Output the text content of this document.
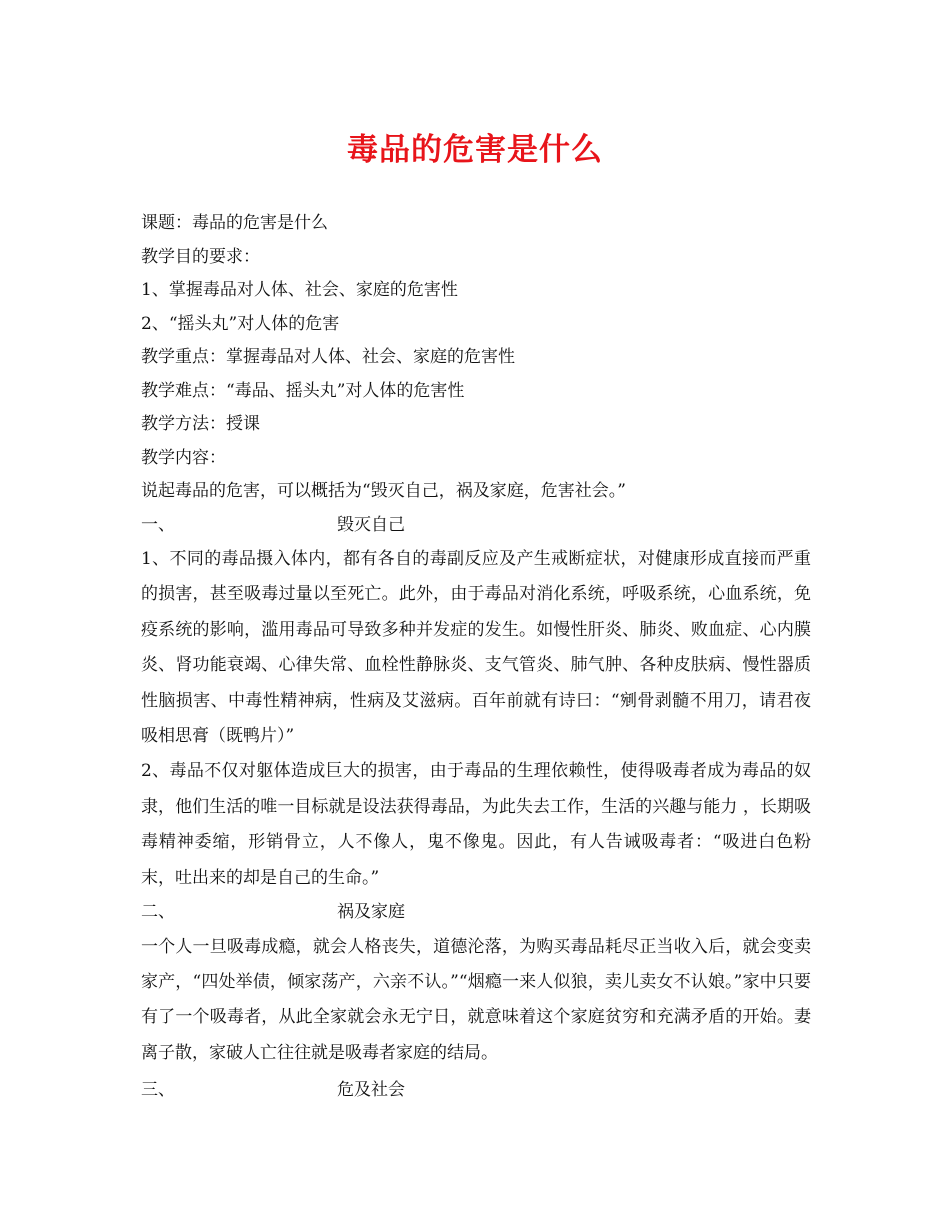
毒品的危害是什么
课题：毒品的危害是什么
教学目的要求：
1、掌握毒品对人体、社会、家庭的危害性
2、“摇头丸”对人体的危害
教学重点：掌握毒品对人体、社会、家庭的危害性
教学难点：“毒品、摇头丸”对人体的危害性
教学方法：授课
教学内容：
说起毒品的危害，可以概括为“毁灭自己，祸及家庭，危害社会。”
一、	毁灭自己
1、不同的毒品摄入体内，都有各自的毒副反应及产生戒断症状，对健康形成直接而严重的损害，甚至吸毒过量以至死亡。此外，由于毒品对消化系统，呼吸系统，心血系统，免疫系统的影响，滥用毒品可导致多种并发症的发生。如慢性肝炎、肺炎、败血症、心内膜炎、肾功能衰竭、心律失常、血栓性静脉炎、支气管炎、肺气肿、各种皮肤病、慢性器质性脑损害、中毒性精神病，性病及艾滋病。百年前就有诗曰：“剜骨剥髓不用刀，请君夜吸相思膏（既鸭片）”
2、毒品不仅对躯体造成巨大的损害，由于毒品的生理依赖性，使得吸毒者成为毒品的奴隶，他们生活的唯一目标就是设法获得毒品，为此失去工作，生活的兴趣与能力 ，长期吸毒精神委缩，形销骨立，人不像人，鬼不像鬼。因此，有人告诫吸毒者：“吸进白色粉末，吐出来的却是自己的生命。”
二、	祸及家庭
一个人一旦吸毒成瘾，就会人格丧失，道德沦落，为购买毒品耗尽正当收入后，就会变卖家产，“四处举债，倾家荡产，六亲不认。”“烟瘾一来人似狼，卖儿卖女不认娘。”家中只要有了一个吸毒者，从此全家就会永无宁日，就意味着这个家庭贫穷和充满矛盾的开始。妻离子散，家破人亡往往就是吸毒者家庭的结局。
三、	危及社会
